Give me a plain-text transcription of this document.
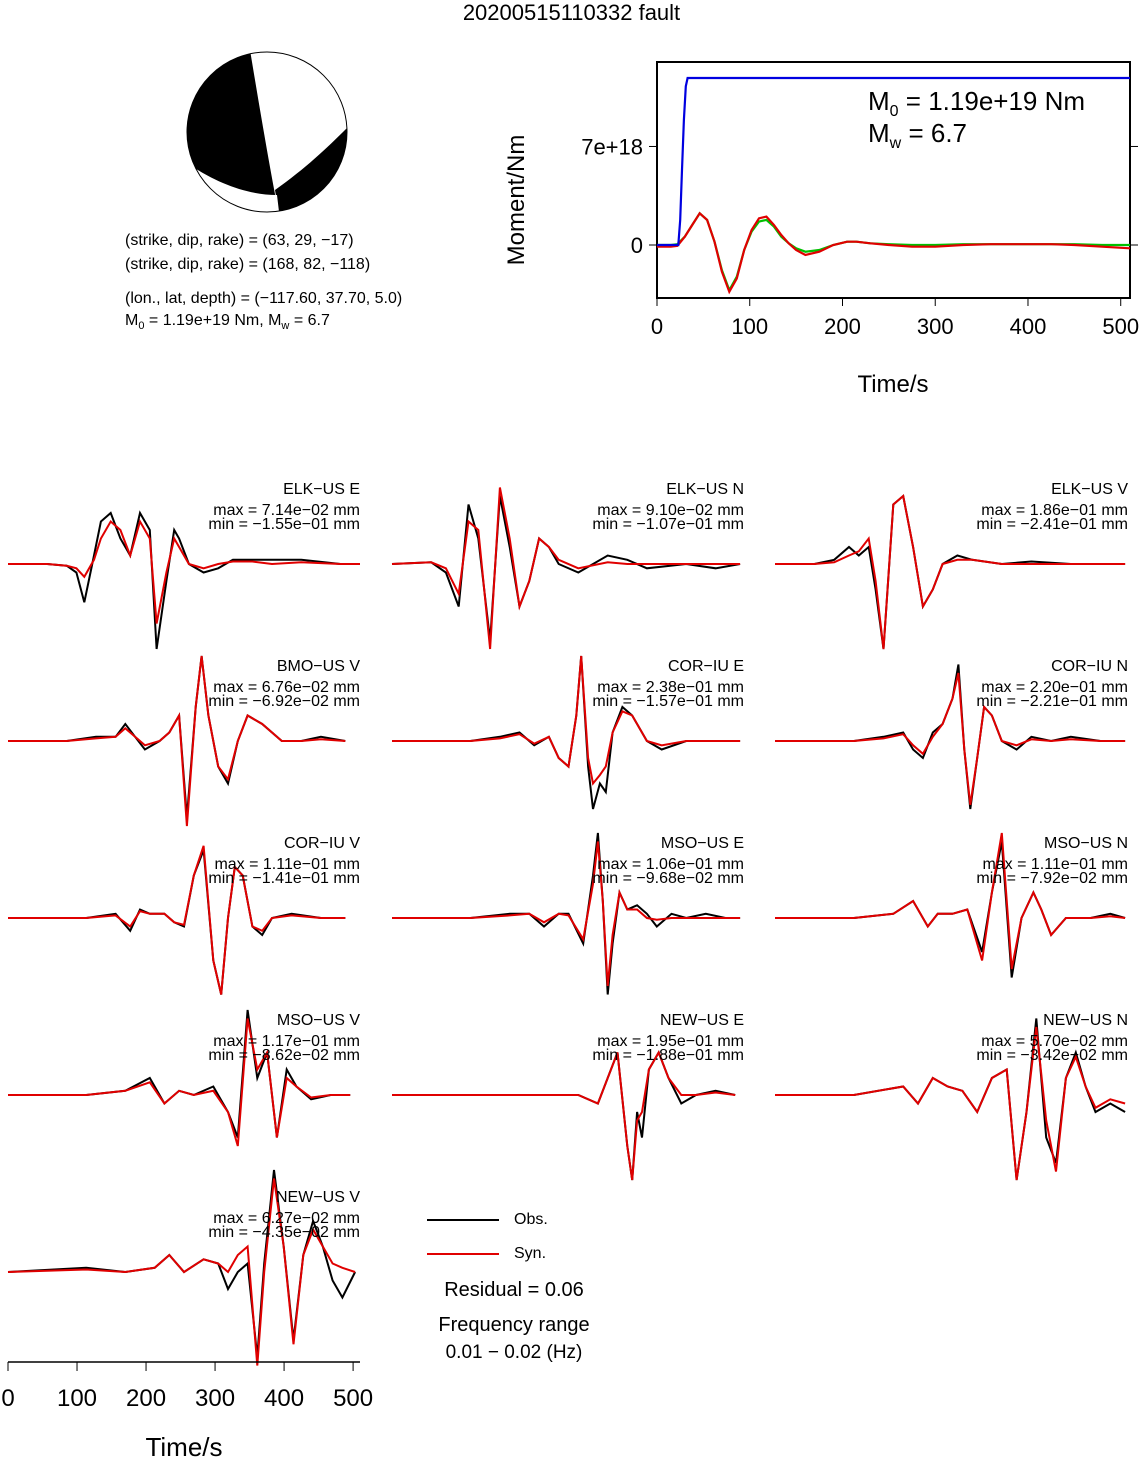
20200515110332 fault
(strike, dip, rake) = (63, 29, −17)
(strike, dip, rake) = (168, 82, −118)
(lon., lat, depth) = (−117.60, 37.70, 5.0)
$M_0 = 1.19e+19$ Nm, $M_w = 6.7$
Moment/Nm
Time/s
$M_0 = 1.19e+19$ Nm
$M_w = 6.7$
0	100	200	300	400	500
0
7e+18
Time/s
ELK−US E
max = 7.14e−02 mm
min = −1.55e−01 mm
ELK−US N
max = 9.10e−02 mm
min = −1.07e−01 mm
ELK−US V
max = 1.86e−01 mm
min = −2.41e−01 mm
BMO−US V
max = 6.76e−02 mm
min = −6.92e−02 mm
COR−IU E
max = 2.38e−01 mm
min = −1.57e−01 mm
COR−IU N
max = 2.20e−01 mm
min = −2.21e−01 mm
COR−IU V
max = 1.11e−01 mm
min = −1.41e−01 mm
MSO−US E
max = 1.06e−01 mm
min = −9.68e−02 mm
MSO−US N
max = 1.11e−01 mm
min = −7.92e−02 mm
MSO−US V
max = 1.17e−01 mm
min = −8.62e−02 mm
NEW−US E
max = 1.95e−01 mm
min = −1.88e−01 mm
NEW−US N
max = 5.70e−02 mm
min = −3.42e−02 mm
NEW−US V
max = 6.27e−02 mm
min = −4.35e−02 mm
0 100 200 300 400 500
Obs.
Syn.
Residual = 0.06
Frequency range
0.01 − 0.02 (Hz)
